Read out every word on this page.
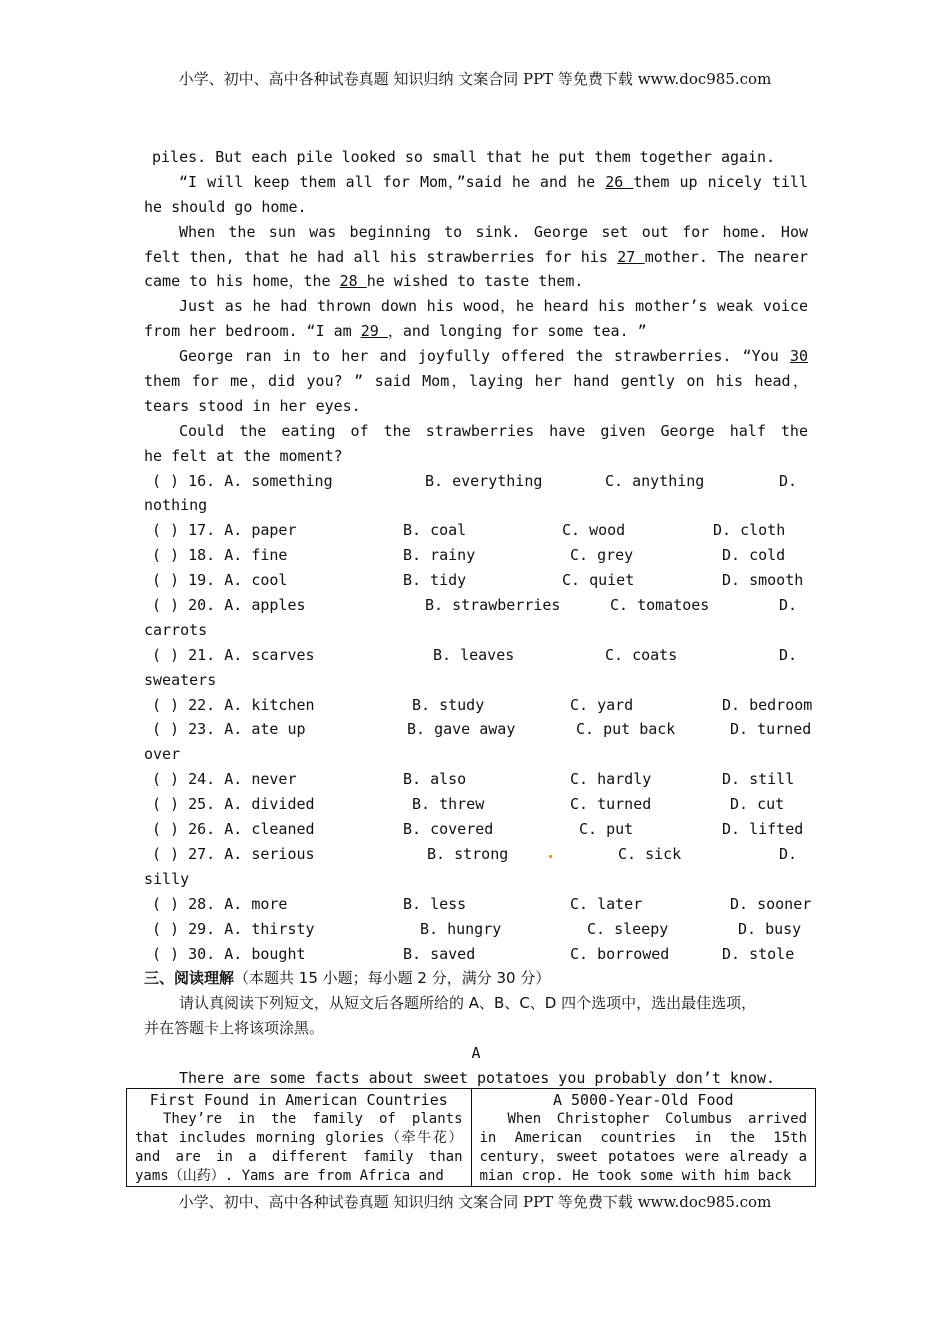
小学、初中、高中各种试卷真题 知识归纳 文案合同 PPT 等免费下载 www.doc985.com
piles. But each pile looked so small that he put them together again.
“I will keep them all for Mom，”said he and he 26 them up nicely till
he should go home.
When the sun was beginning to sink. George set out for home. How
felt then, that he had all his strawberries for his 27 mother. The nearer
came to his home，the 28 he wished to taste them.
Just as he had thrown down his wood，he heard his mother’s weak voice
from her bedroom. “I am 29 ，and longing for some tea. ”
George ran in to her and joyfully offered the strawberries. “You 30
them for me，did you? ” said Mom，laying her hand gently on his head，
tears stood in her eyes.
Could the eating of the strawberries have given George half the
he felt at the moment?
( ) 16. A. something	B. everything	C. anything	D.
nothing
( ) 17. A. paper	B. coal	C. wood	D. cloth
( ) 18. A. fine	B. rainy	C. grey	D. cold
( ) 19. A. cool	B. tidy	C. quiet	D. smooth
( ) 20. A. apples	B. strawberries	C. tomatoes	D.
carrots
( ) 21. A. scarves	B. leaves	C. coats	D.
sweaters
( ) 22. A. kitchen	B. study	C. yard	D. bedroom
( ) 23. A. ate up	B. gave away	C. put back	D. turned
over
( ) 24. A. never	B. also	C. hardly	D. still
( ) 25. A. divided	B. threw	C. turned	D. cut
( ) 26. A. cleaned	B. covered	C. put	D. lifted
( ) 27. A. serious	B. strong	C. sick	D.
silly
( ) 28. A. more	B. less	C. later	D. sooner
( ) 29. A. thirsty	B. hungry	C. sleepy	D. busy
( ) 30. A. bought	B. saved	C. borrowed	D. stole
三、阅读理解（本题共 15 小题；每小题 2 分，满分 30 分）
请认真阅读下列短文，从短文后各题所给的 A、B、C、D 四个选项中，选出最佳选项，
并在答题卡上将该项涂黑。
A
There are some facts about sweet potatoes you probably don’t know.
First Found in American Countries
They’re in the family of plants that includes morning glories（牵牛花）and are in a different family than yams（山药）. Yams are from Africa and

A 5000-Year-Old Food
When Christopher Columbus arrived in American countries in the 15th century，sweet potatoes were already a mian crop. He took some with him back
小学、初中、高中各种试卷真题 知识归纳 文案合同 PPT 等免费下载 www.doc985.com
